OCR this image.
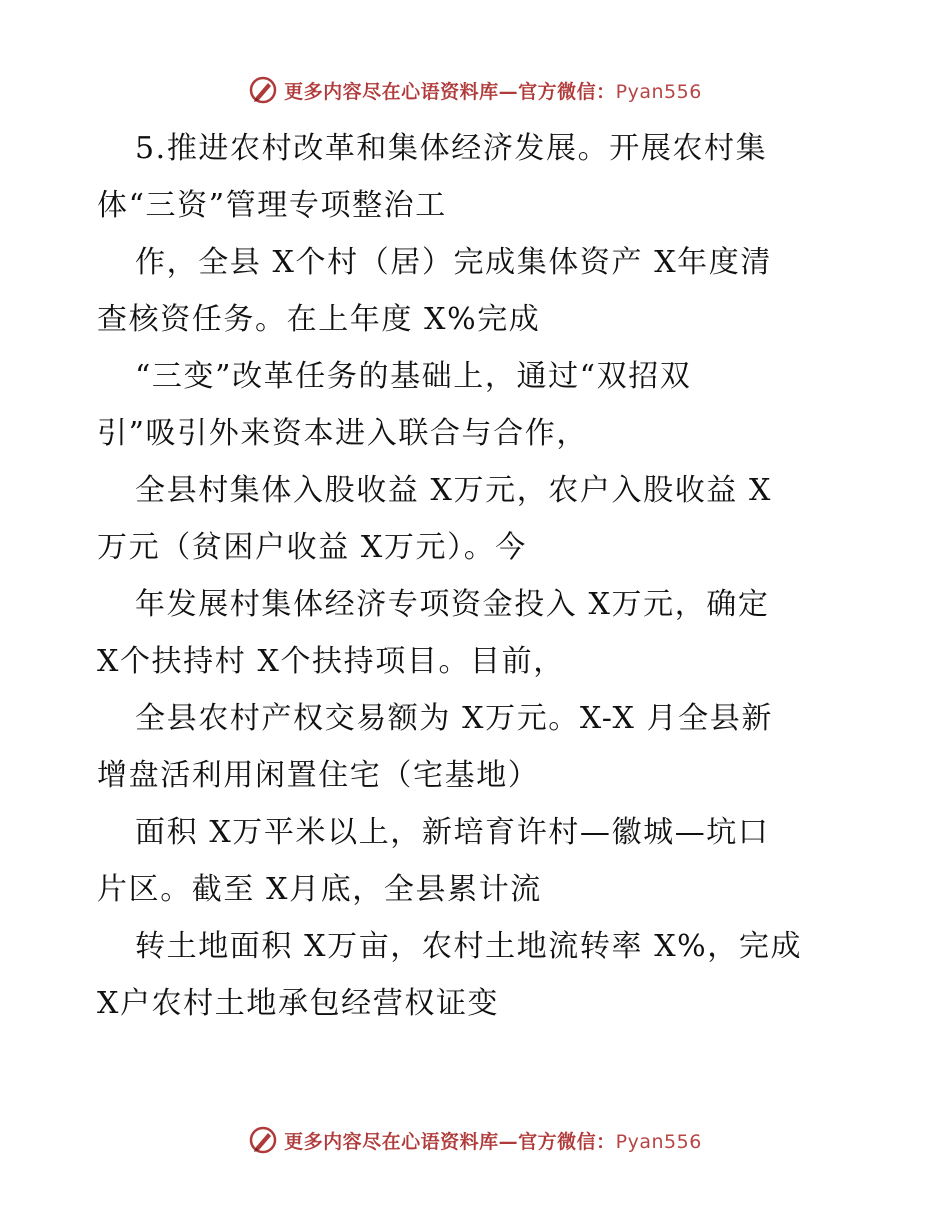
更多内容尽在心语资料库—官方微信：Pyan556
5.推进农村改革和集体经济发展。开展农村集
体“三资”管理专项整治工
作，全县 X个村（居）完成集体资产 X年度清
查核资任务。在上年度 X%完成
“三变”改革任务的基础上，通过“双招双
引”吸引外来资本进入联合与合作，
全县村集体入股收益 X万元，农户入股收益 X
万元（贫困户收益 X万元）。今
年发展村集体经济专项资金投入 X万元，确定
X个扶持村 X个扶持项目。目前，
全县农村产权交易额为 X万元。X-X 月全县新
增盘活利用闲置住宅（宅基地）
面积 X万平米以上，新培育许村—徽城—坑口
片区。截至 X月底，全县累计流
转土地面积 X万亩，农村土地流转率 X%，完成
X户农村土地承包经营权证变
更多内容尽在心语资料库—官方微信：Pyan556
